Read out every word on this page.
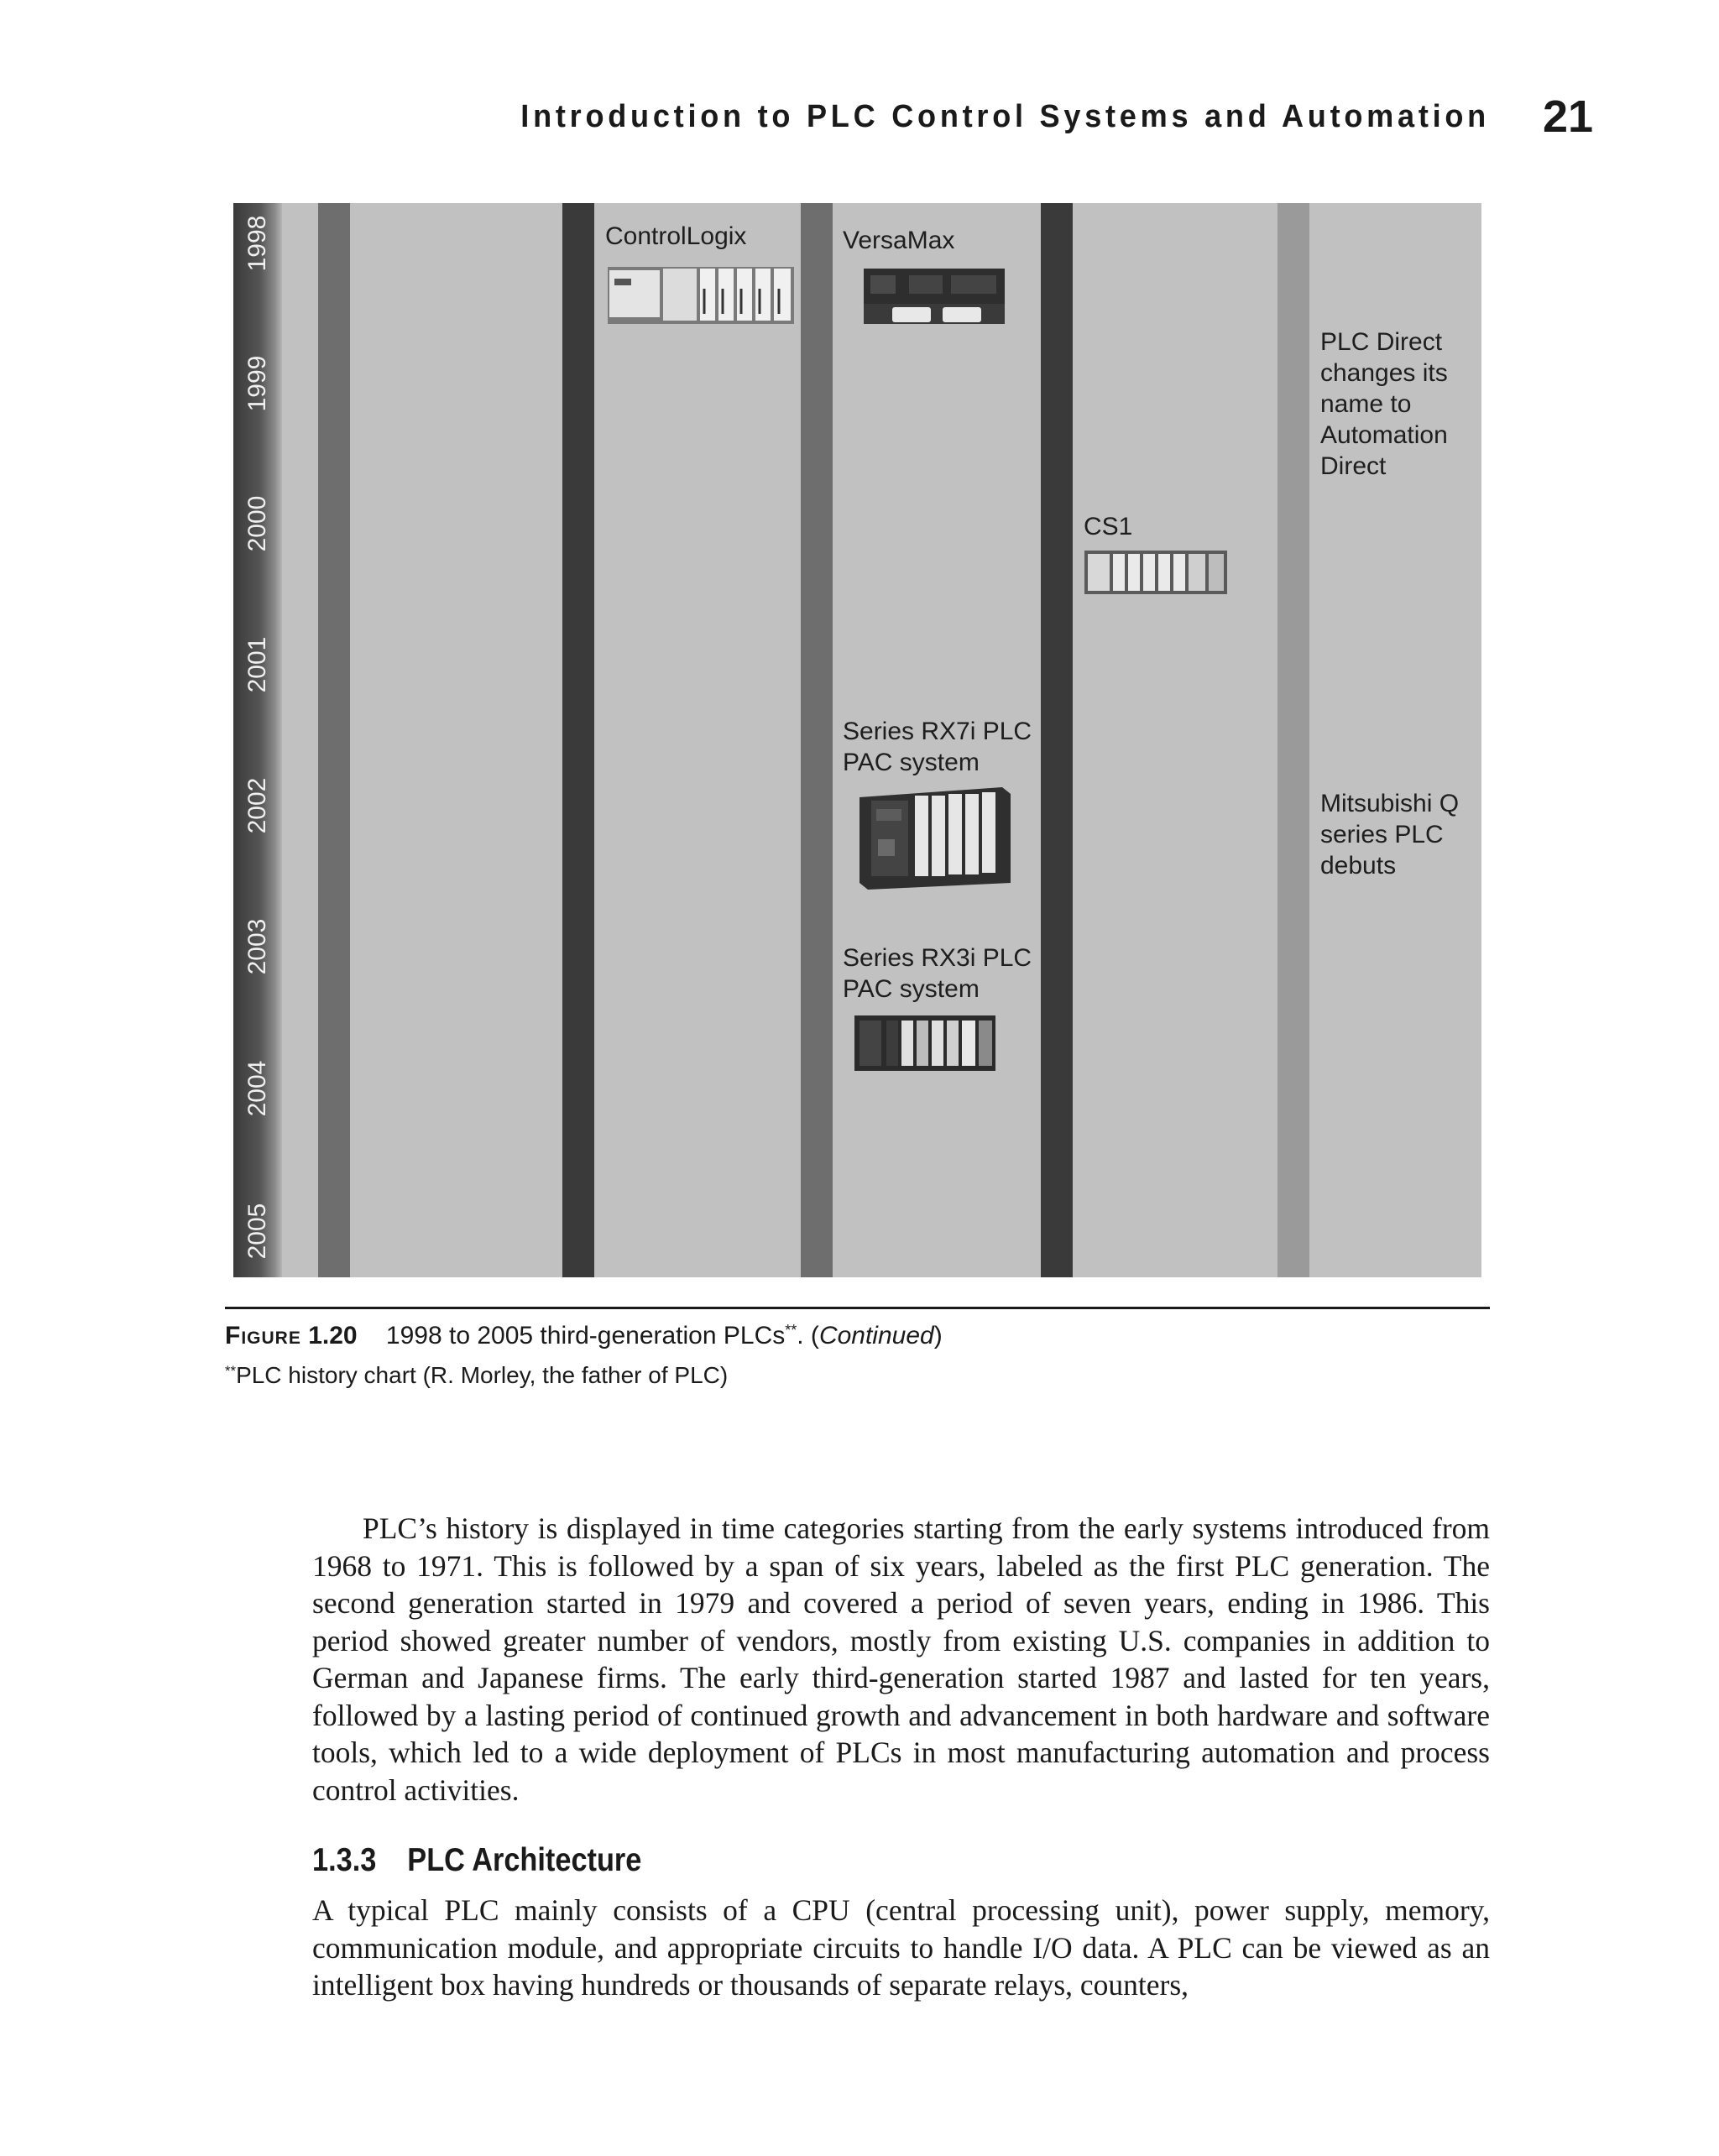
Introduction to PLC Control Systems and Automation 21
1998
1999
2000
2001
2002
2003
2004
2005
ControlLogix	VersaMax
PLC Direct
changes its
name to
Automation
Direct
CS1
Series RX7i PLC
PAC system
Mitsubishi Q
series PLC
debuts
Series RX3i PLC
PAC system
Figure 1.20 1998 to 2005 third-generation PLCs**. (Continued)
**PLC history chart (R. Morley, the father of PLC)

PLC’s history is displayed in time categories starting from the early systems introduced from 1968 to 1971. This is followed by a span of six years, labeled as the first PLC generation. The second generation started in 1979 and covered a period of seven years, ending in 1986. This period showed greater number of vendors, mostly from existing U.S. companies in addition to German and Japanese firms. The early third-generation started 1987 and lasted for ten years, followed by a lasting period of continued growth and advancement in both hardware and software tools, which led to a wide deployment of PLCs in most manufacturing automation and process control activities.

1.3.3 PLC Architecture

A typical PLC mainly consists of a CPU (central processing unit), power supply, memory, communication module, and appropriate circuits to handle I/O data. A PLC can be viewed as an intelligent box having hundreds or thousands of separate relays, counters,
